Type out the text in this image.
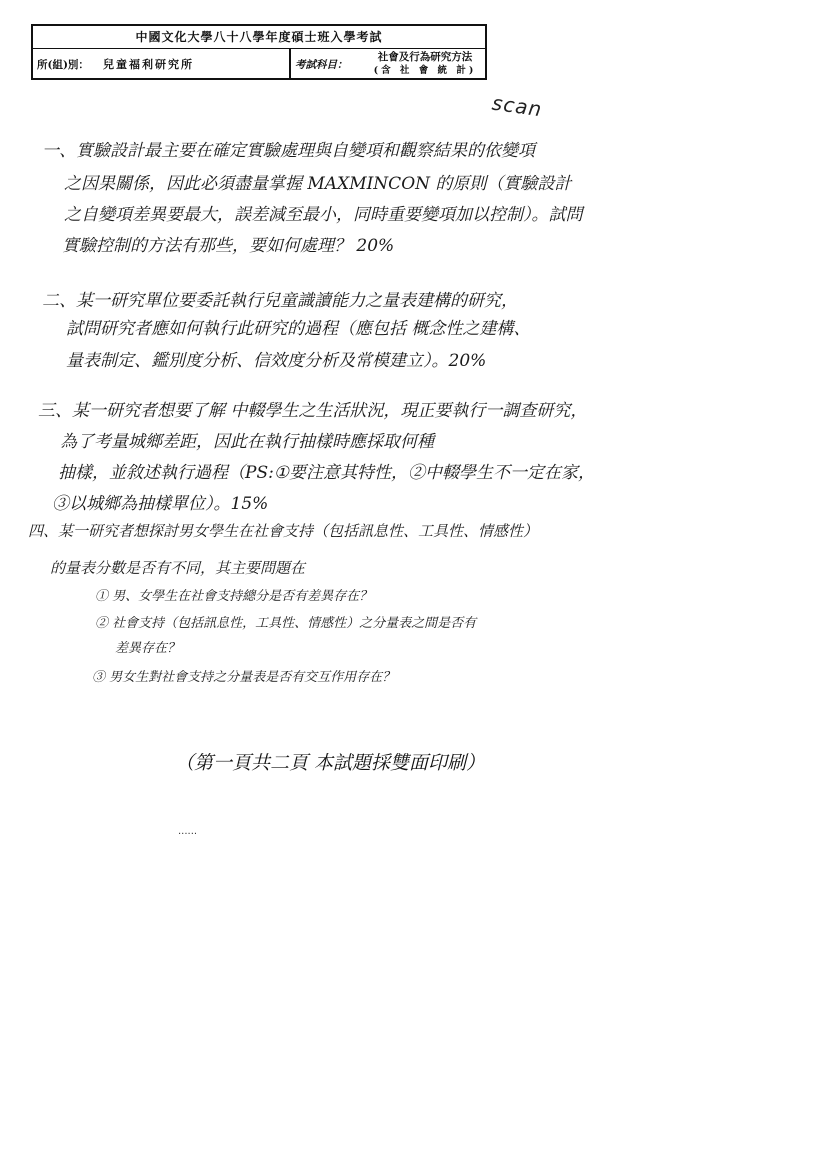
中國文化大學八十八學年度碩士班入學考試
所(組)別：	兒童福利研究所	考試科目：
社會及行為研究方法
(含 社 會 統 計)
scan
一、實驗設計最主要在確定實驗處理與自變項和觀察結果的依變項
之因果關係，因此必須盡量掌握 MAXMINCON 的原則（實驗設計
之自變項差異要最大，誤差減至最小，同時重要變項加以控制）。試問
實驗控制的方法有那些，要如何處理？ 20%
二、某一研究單位要委託執行兒童識讀能力之量表建構的研究，
試問研究者應如何執行此研究的過程（應包括 概念性之建構、
量表制定、鑑別度分析、信效度分析及常模建立）。20%
三、某一研究者想要了解 中輟學生之生活狀況，現正要執行一調查研究，
為了考量城鄉差距，因此在執行抽樣時應採取何種
抽樣，並敘述執行過程（PS:①要注意其特性，②中輟學生不一定在家，
③以城鄉為抽樣單位）。15%
四、某一研究者想探討男女學生在社會支持（包括訊息性、工具性、情感性）
的量表分數是否有不同，其主要問題在
① 男、女學生在社會支持總分是否有差異存在？
② 社會支持（包括訊息性，工具性、情感性）之分量表之間是否有
差異存在？
③ 男女生對社會支持之分量表是否有交互作用存在？
（第一頁共二頁 本試題採雙面印刷）
......
